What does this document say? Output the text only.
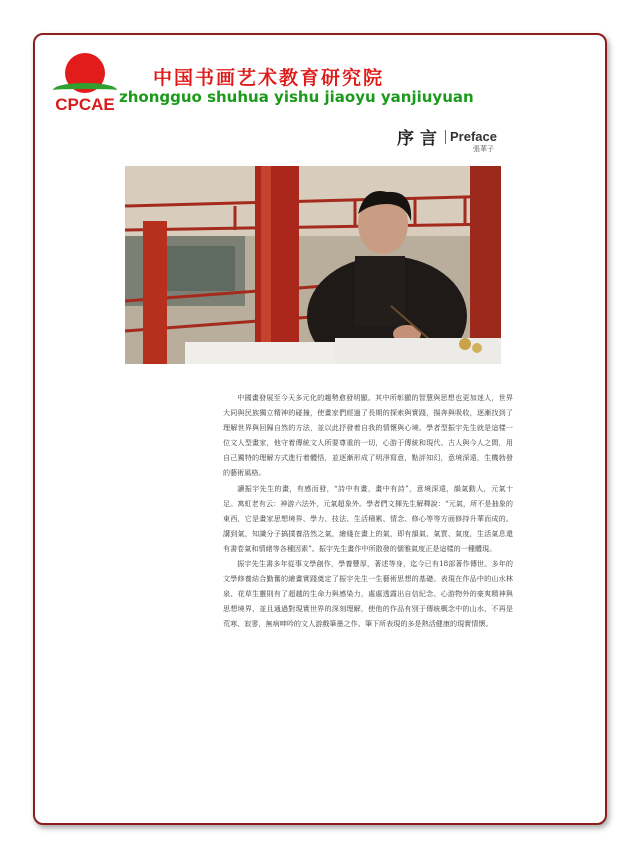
CPCAE
中国书画艺术教育研究院
zhongguo shuhua yishu jiaoyu yanjiuyuan
序言 Preface
張華子

中國畫發展至今天多元化的趨勢愈發明顯。其中所彰顯的智慧與思想也更加迷人，世界大同與民族獨立精神的碰撞，使畫家們經過了長期的探索與實踐，揚奔與吸收，逐漸找到了理解世界與回歸自然的方法，並以此抒發着自我的情懷與心境。學者型振宇先生就是這樣一位文人型畫家，他守着傳統文人所要尊重的一切，心游于傳統和現代、古人與今人之間，用自己獨特的理解方式進行着體悟，並逐漸形成了明淨寫意，點評知幻，意境深遠，生機勃發的藝術風格。

讀振宇先生的畫，有感而發，“詩中有畫，畫中有詩”，意境深遠，韻氣動人，元氣十足。寓虹老有云：神游六法外，元氣超象外。學者們文揮先生解釋說：“元氣，所不是抽象的東西，它是畫家思想境界、學力、技法、生活積累、情念、修心等等方面修持升華而成的。講到氣，知識分子搞撲養浩然之氣，繪綫在畫上的氣，即有韻氣、氣質、氣度，生活氣息還有書卷氣和情緒等各種因素”。振宇先生畫作中所散發的儒雅氣度正是這樣的一種體現。

振宇先生書多年從事文學創作，學養豐厚，著述等身，迄今已有18部著作傳世。多年的文學修養結合勤奮的繪畫實踐奠定了振宇先生一生藝術思想的基礎。表現在作品中的山水林泉、花草生靈則有了超越的生命力與感染力，處處透露出自信紀念、心游物外的豪爽精神與思想境界，並且通過對現實世界的深刻理解，使他的作品有別于傳統概念中的山水，不再是荒寒、寂寥，無病呻吟的文人游戲筆墨之作。筆下所表現的多是熱活健康的現實情懷。
